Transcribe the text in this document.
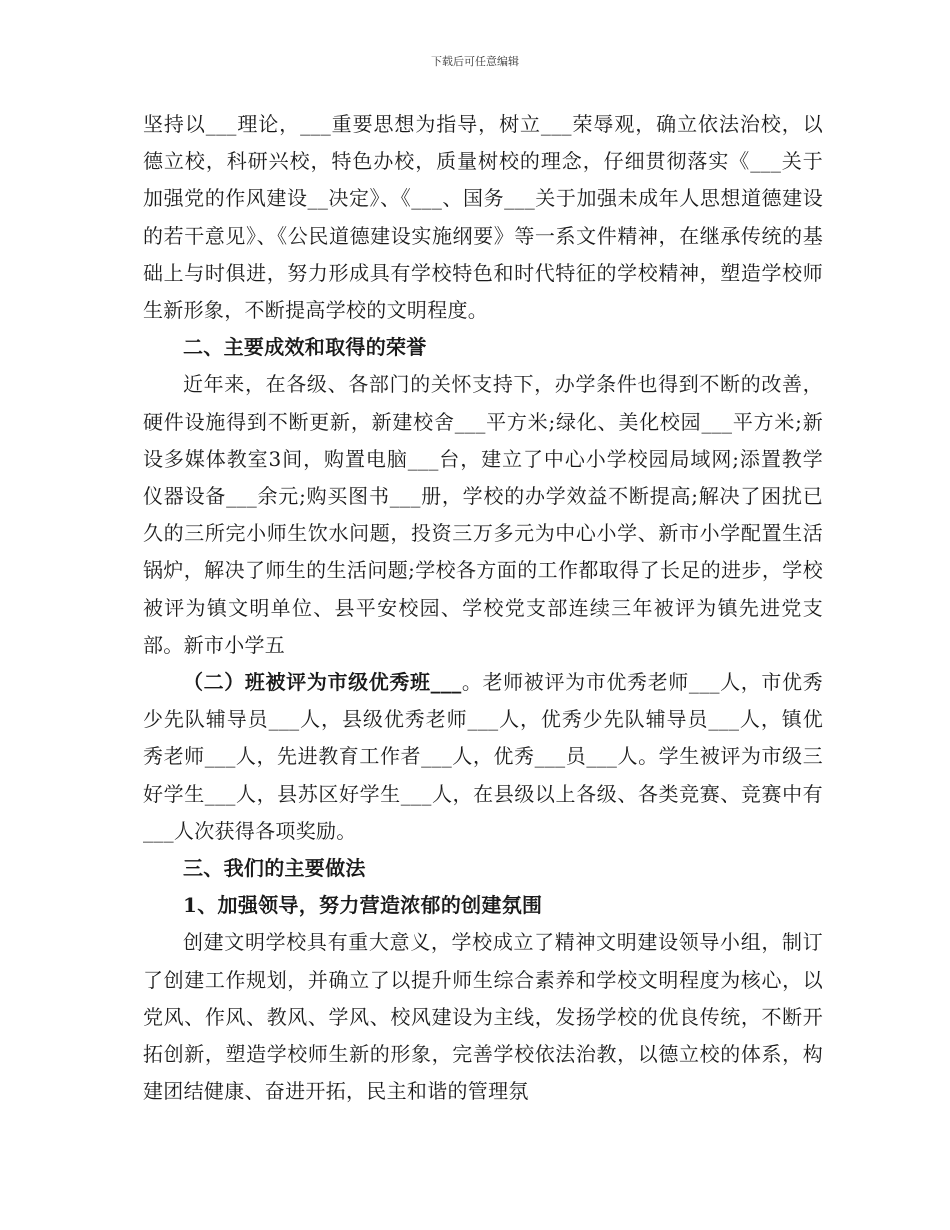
下载后可任意编辑

坚持以___理论，___重要思想为指导，树立___荣辱观，确立依法治校，以德立校，科研兴校，特色办校，质量树校的理念，仔细贯彻落实《___关于加强党的作风建设__决定》、《___、国务___关于加强未成年人思想道德建设的若干意见》、《公民道德建设实施纲要》等一系文件精神，在继承传统的基础上与时俱进，努力形成具有学校特色和时代特征的学校精神，塑造学校师生新形象，不断提高学校的文明程度。

二、主要成效和取得的荣誉

近年来，在各级、各部门的关怀支持下，办学条件也得到不断的改善，硬件设施得到不断更新，新建校舍___平方米;绿化、美化校园___平方米;新设多媒体教室3间，购置电脑___台，建立了中心小学校园局域网;添置教学仪器设备___余元;购买图书___册，学校的办学效益不断提高;解决了困扰已久的三所完小师生饮水问题，投资三万多元为中心小学、新市小学配置生活锅炉，解决了师生的生活问题;学校各方面的工作都取得了长足的进步，学校被评为镇文明单位、县平安校园、学校党支部连续三年被评为镇先进党支部。新市小学五

（二）班被评为市级优秀班___。老师被评为市优秀老师___人，市优秀少先队辅导员___人，县级优秀老师___人，优秀少先队辅导员___人，镇优秀老师___人，先进教育工作者___人，优秀___员___人。学生被评为市级三好学生___人，县苏区好学生___人，在县级以上各级、各类竞赛、竞赛中有___人次获得各项奖励。

三、我们的主要做法

1、加强领导，努力营造浓郁的创建氛围

创建文明学校具有重大意义，学校成立了精神文明建设领导小组，制订了创建工作规划，并确立了以提升师生综合素养和学校文明程度为核心，以党风、作风、教风、学风、校风建设为主线，发扬学校的优良传统，不断开拓创新，塑造学校师生新的形象，完善学校依法治教，以德立校的体系，构建团结健康、奋进开拓，民主和谐的管理氛
